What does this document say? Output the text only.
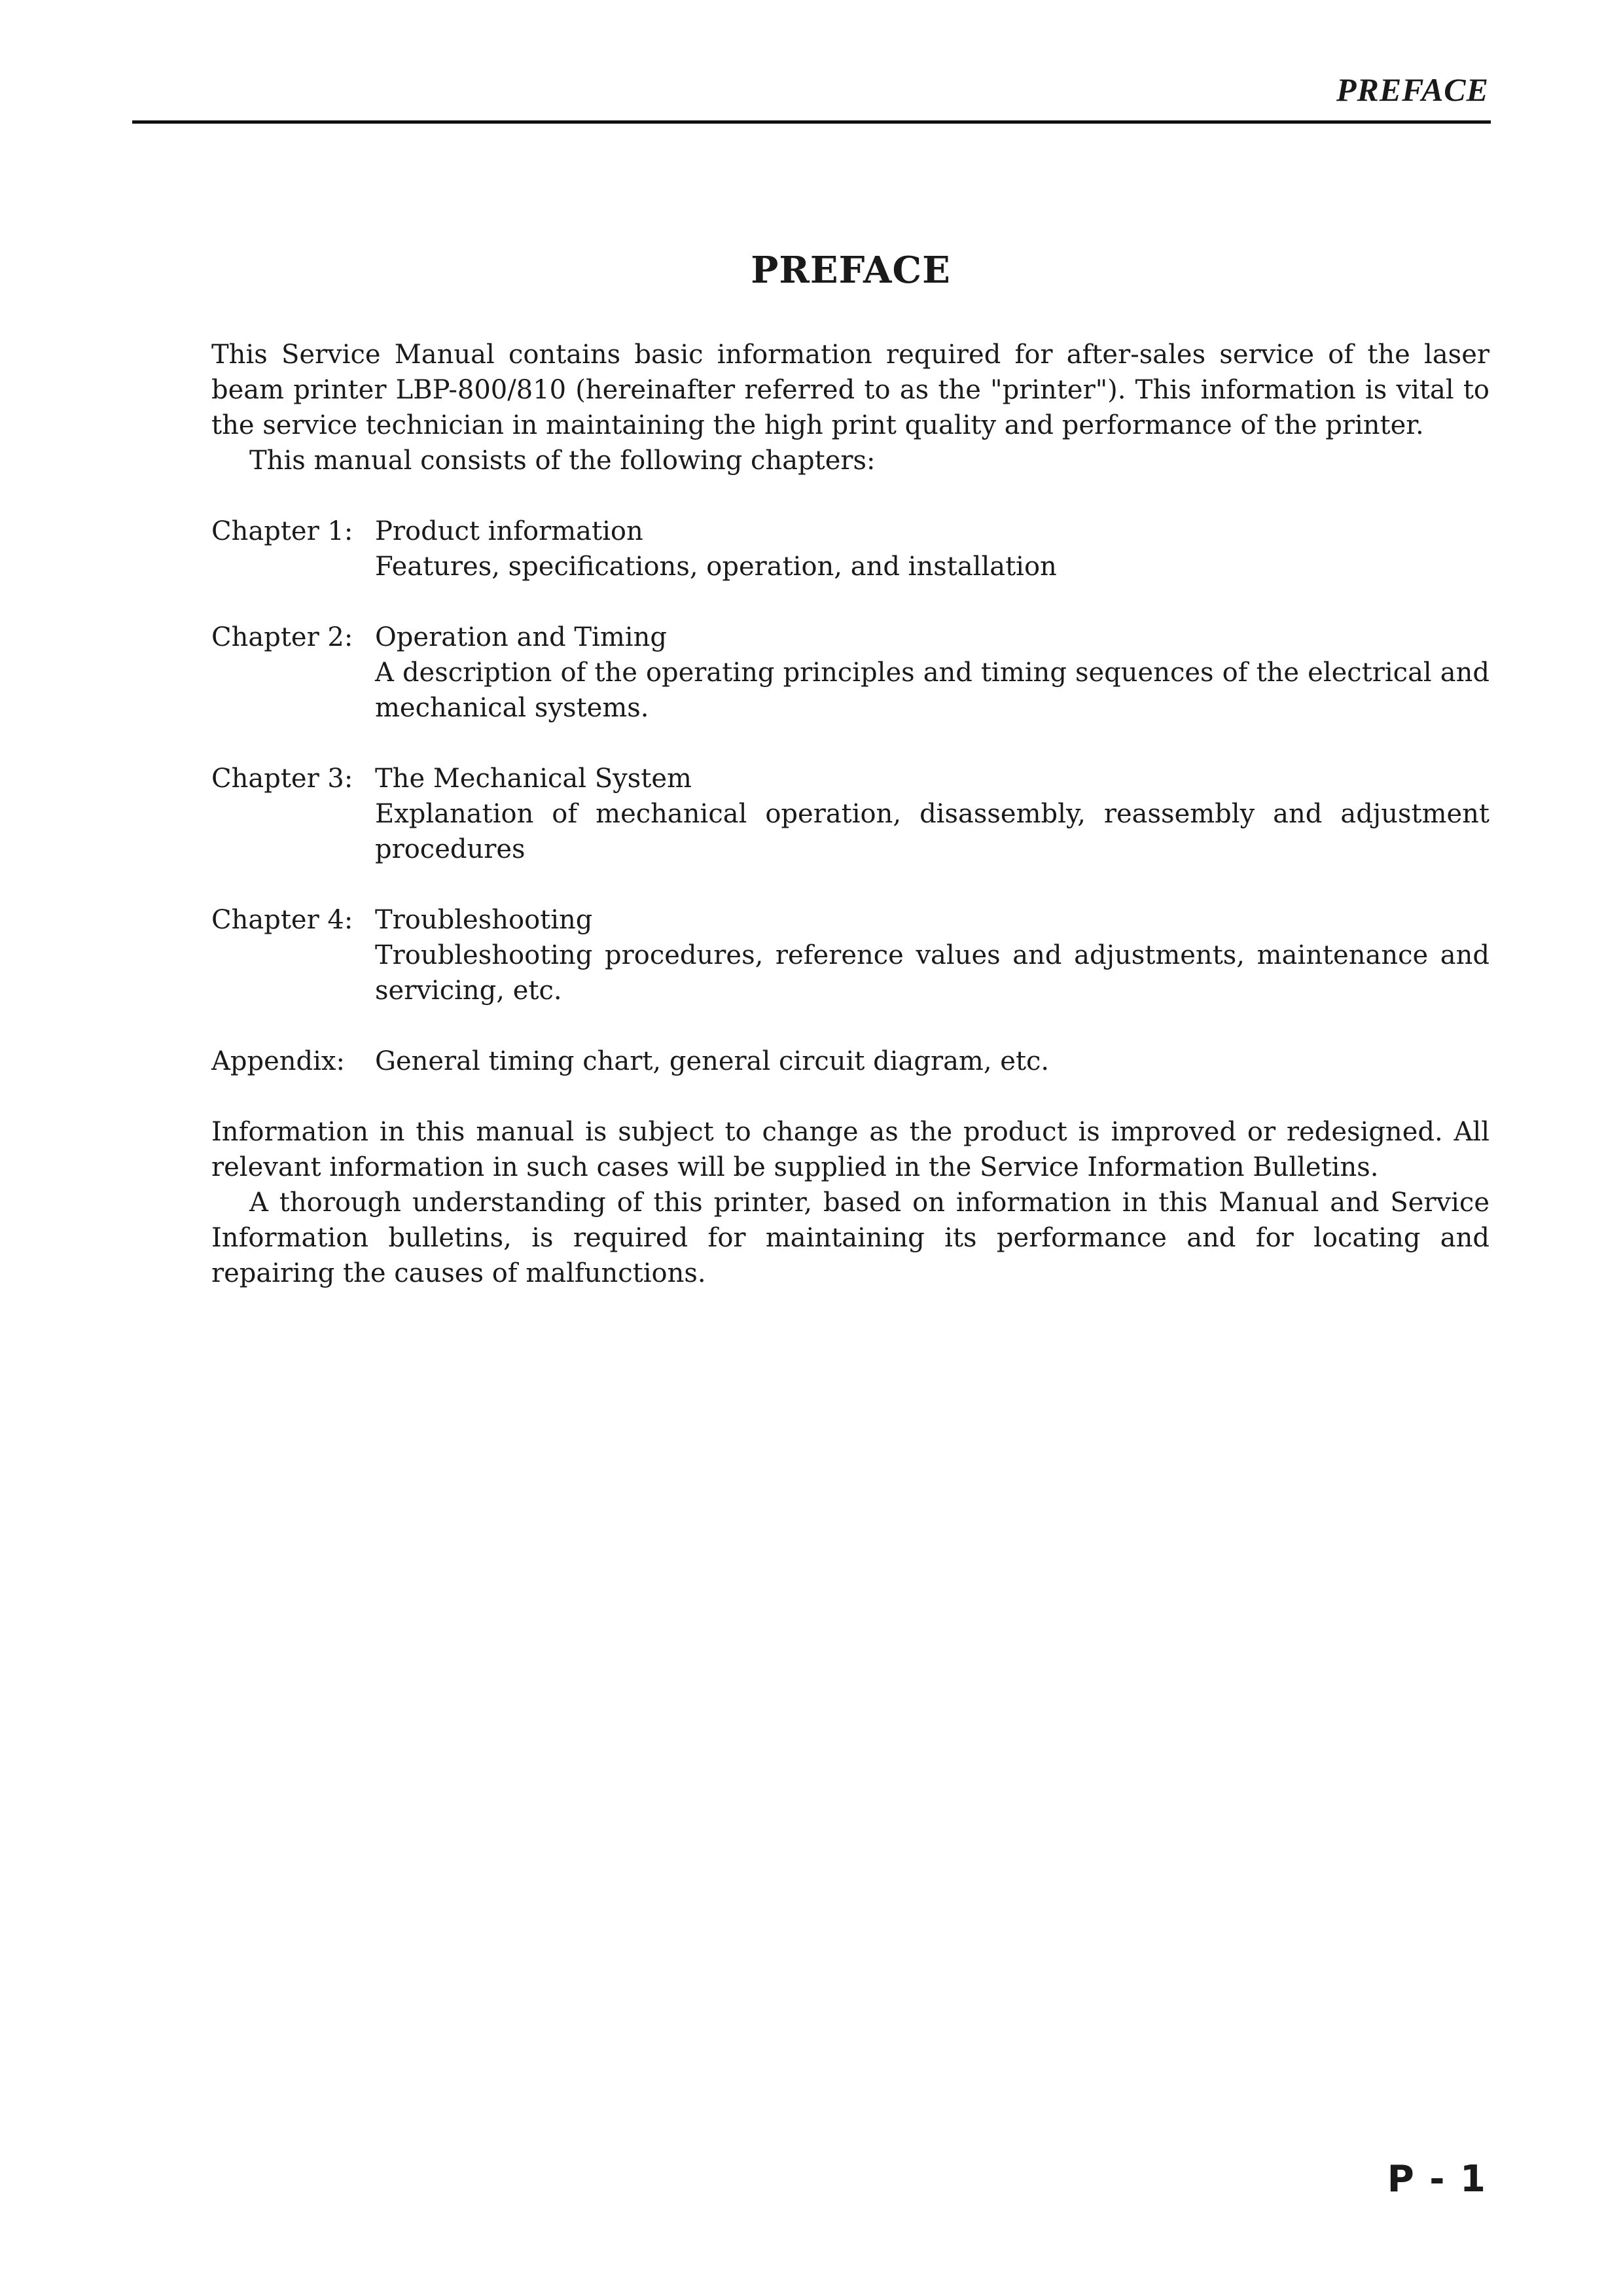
PREFACE
PREFACE

This Service Manual contains basic information required for after-sales service of the laser beam printer LBP-800/810 (hereinafter referred to as the "printer"). This information is vital to the service technician in maintaining the high print quality and performance of the printer.

This manual consists of the following chapters:

Chapter 1: Product information
Features, specifications, operation, and installation
Chapter 2: Operation and Timing
A description of the operating principles and timing sequences of the electrical and mechanical systems.
Chapter 3: The Mechanical System
Explanation of mechanical operation, disassembly, reassembly and adjustment procedures
Chapter 4: Troubleshooting
Troubleshooting procedures, reference values and adjustments, maintenance and servicing, etc.
Appendix:	General timing chart, general circuit diagram, etc.

Information in this manual is subject to change as the product is improved or redesigned. All relevant information in such cases will be supplied in the Service Information Bulletins.

A thorough understanding of this printer, based on information in this Manual and Service Information bulletins, is required for maintaining its performance and for locating and repairing the causes of malfunctions.

P - 1
